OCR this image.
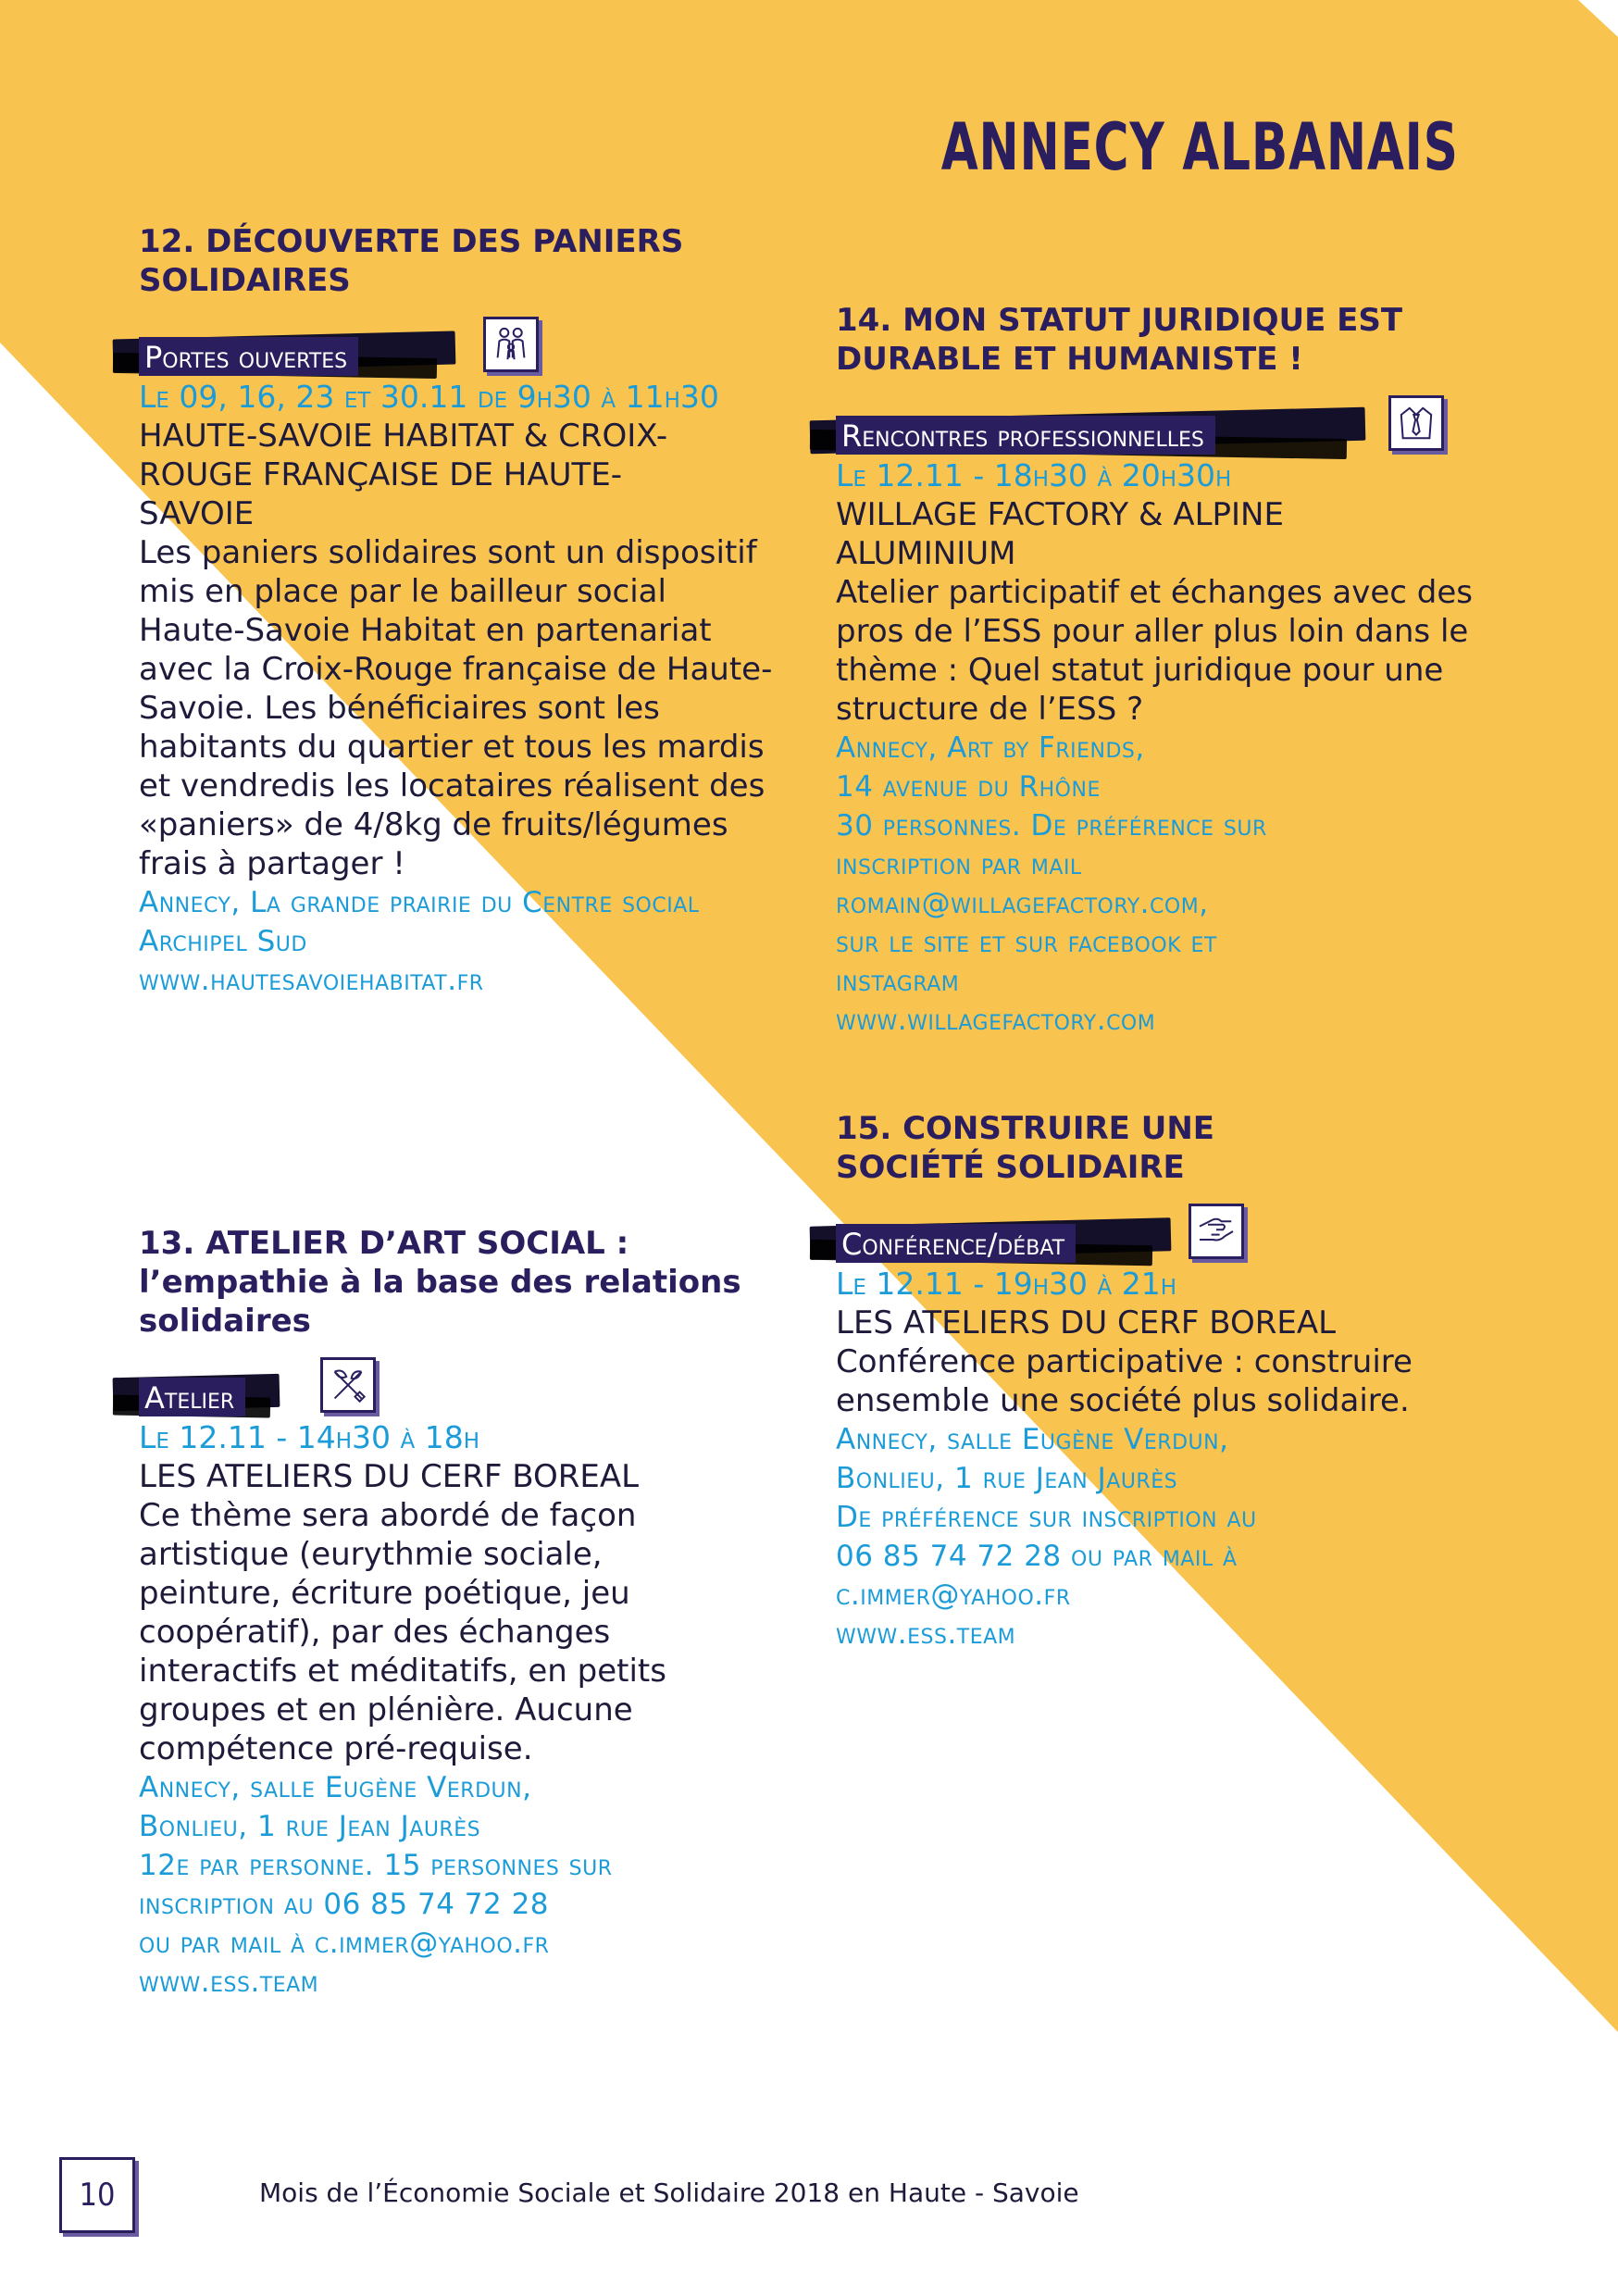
ANNECY ALBANAIS
12. DÉCOUVERTE DES PANIERS SOLIDAIRES
Portes ouvertes

Le 09, 16, 23 et 30.11 de 9h30 à 11h30

HAUTE-SAVOIE HABITAT & CROIX-ROUGE FRANÇAISE DE HAUTE-SAVOIE

Les paniers solidaires sont un dispositif mis en place par le bailleur social Haute-Savoie Habitat en partenariat avec la Croix-Rouge française de Haute-Savoie. Les bénéficiaires sont les habitants du quartier et tous les mardis et vendredis les locataires réalisent des «paniers» de 4/8kg de fruits/légumes frais à partager !

Annecy, La grande prairie du Centre social Archipel Sud

www.hautesavoiehabitat.fr

13. ATELIER D’ART SOCIAL : l’empathie à la base des relations solidaires
Atelier

Le 12.11 - 14h30 à 18h

LES ATELIERS DU CERF BOREAL

Ce thème sera abordé de façon artistique (eurythmie sociale, peinture, écriture poétique, jeu coopératif), par des échanges interactifs et méditatifs, en petits groupes et en plénière. Aucune compétence pré-requise.

Annecy, salle Eugène Verdun,

Bonlieu, 1 rue Jean Jaurès

12e par personne. 15 personnes sur

inscription au 06 85 74 72 28

ou par mail à c.immer@yahoo.fr

www.ess.team

14. MON STATUT JURIDIQUE EST DURABLE ET HUMANISTE !
Rencontres professionnelles

Le 12.11 - 18h30 à 20h30h

WILLAGE FACTORY & ALPINE ALUMINIUM

Atelier participatif et échanges avec des pros de l’ESS pour aller plus loin dans le thème : Quel statut juridique pour une structure de l’ESS ?

Annecy, Art by Friends,

14 avenue du Rhône

30 personnes. De préférence sur

inscription par mail

romain@willagefactory.com,

sur le site et sur facebook et

instagram

www.willagefactory.com

15. CONSTRUIRE UNE SOCIÉTÉ SOLIDAIRE
Conférence/débat

Le 12.11 - 19h30 à 21h

LES ATELIERS DU CERF BOREAL

Conférence participative : construire ensemble une société plus solidaire.

Annecy, salle Eugène Verdun,

Bonlieu, 1 rue Jean Jaurès

De préférence sur inscription au

06 85 74 72 28 ou par mail à

c.immer@yahoo.fr

www.ess.team

10	Mois de l’Économie Sociale et Solidaire 2018 en Haute - Savoie
